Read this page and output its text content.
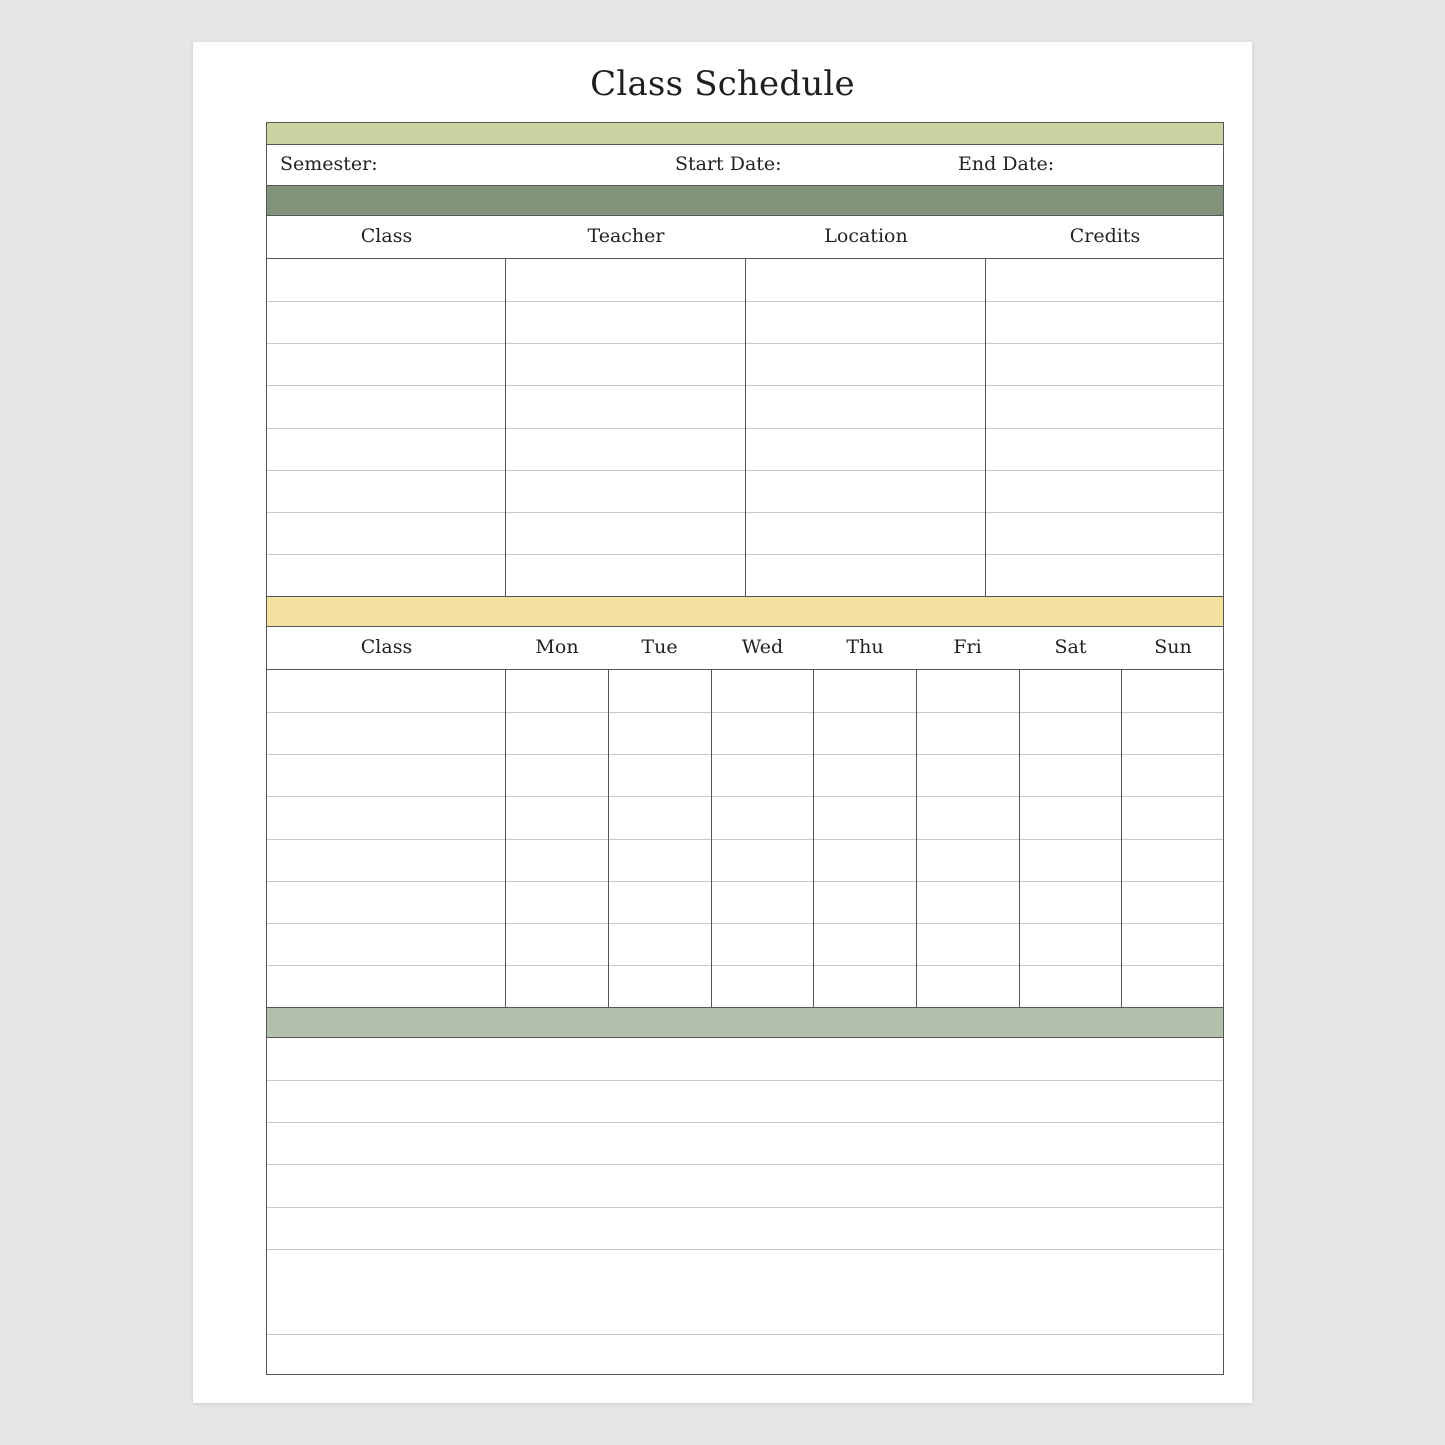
Class Schedule
Semester:	Start Date:	End Date:
Class	Teacher	Location	Credits
Class	Mon	Tue	Wed	Thu	Fri	Sat	Sun
